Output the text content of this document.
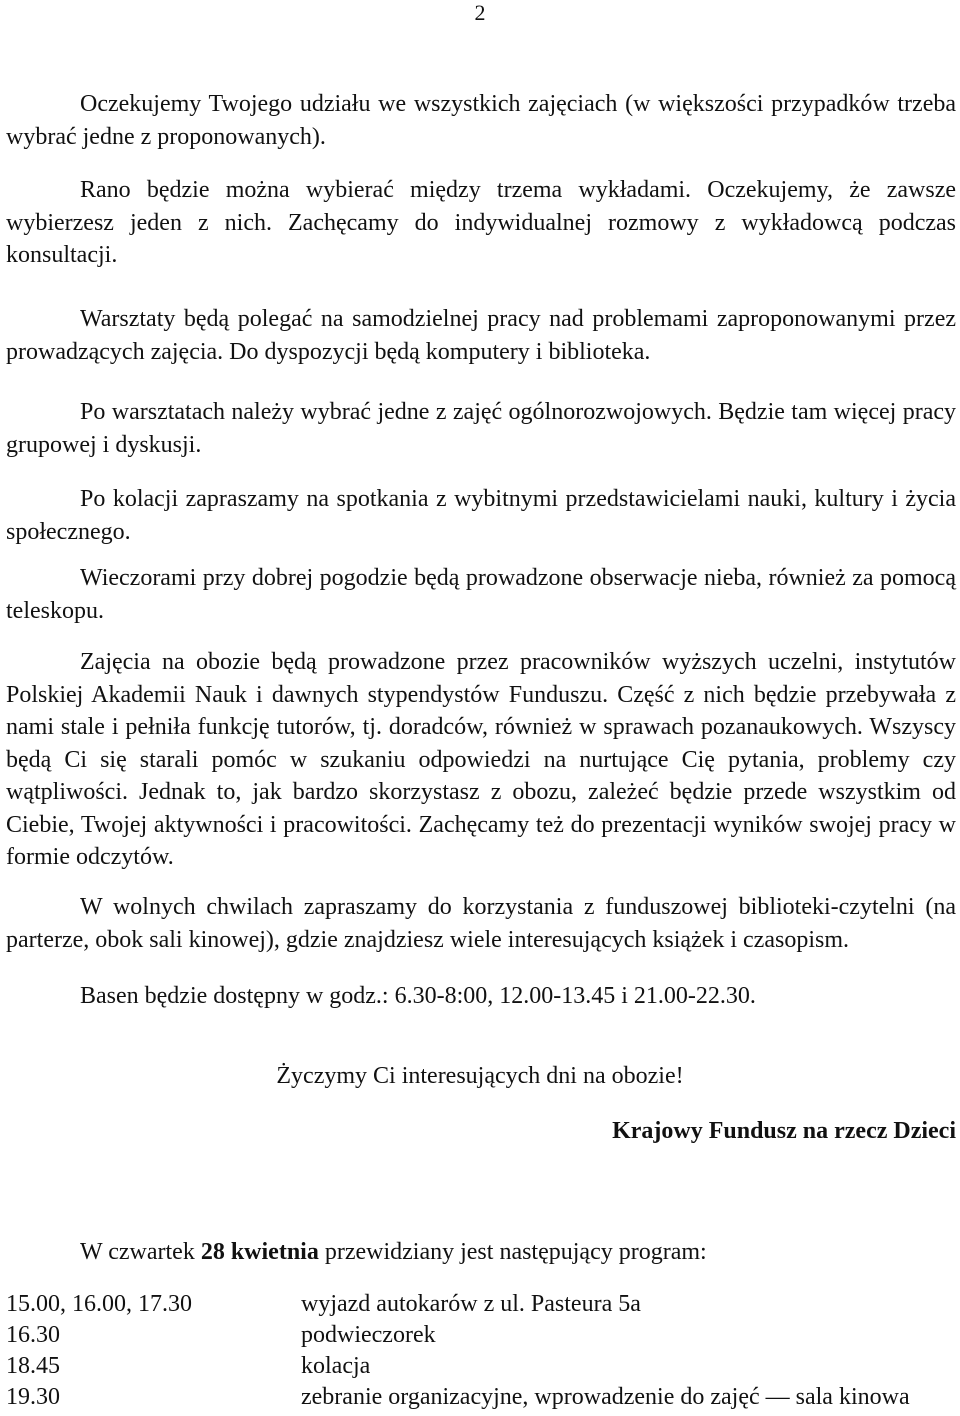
2

Oczekujemy Twojego udziału we wszystkich zajęciach (w większości przypadków trzeba wybrać jedne z proponowanych).

Rano będzie można wybierać między trzema wykładami. Oczekujemy, że zawsze wybierzesz jeden z nich. Zachęcamy do indywidualnej rozmowy z wykładowcą podczas konsultacji.

Warsztaty będą polegać na samodzielnej pracy nad problemami zaproponowanymi przez prowadzących zajęcia. Do dyspozycji będą komputery i biblioteka.

Po warsztatach należy wybrać jedne z zajęć ogólnorozwojowych. Będzie tam więcej pracy grupowej i dyskusji.

Po kolacji zapraszamy na spotkania z wybitnymi przedstawicielami nauki, kultury i życia społecznego.

Wieczorami przy dobrej pogodzie będą prowadzone obserwacje nieba, również za pomocą teleskopu.

Zajęcia na obozie będą prowadzone przez pracowników wyższych uczelni, instytutów Polskiej Akademii Nauk i dawnych stypendystów Funduszu. Część z nich będzie przebywała z nami stale i pełniła funkcję tutorów, tj. doradców, również w sprawach pozanaukowych. Wszyscy będą Ci się starali pomóc w szukaniu odpowiedzi na nurtujące Cię pytania, problemy czy wątpliwości. Jednak to, jak bardzo skorzystasz z obozu, zależeć będzie przede wszystkim od Ciebie, Twojej aktywności i pracowitości. Zachęcamy też do prezentacji wyników swojej pracy w formie odczytów.

W wolnych chwilach zapraszamy do korzystania z funduszowej biblioteki-czytelni (na parterze, obok sali kinowej), gdzie znajdziesz wiele interesujących książek i czasopism.

Basen będzie dostępny w godz.: 6.30-8:00, 12.00-13.45 i 21.00-22.30.

Życzymy Ci interesujących dni na obozie!
Krajowy Fundusz na rzecz Dzieci
W czwartek 28 kwietnia przewidziany jest następujący program:
15.00, 16.00, 17.30	wyjazd autokarów z ul. Pasteura 5a
16.30	podwieczorek
18.45	kolacja
19.30	zebranie organizacyjne, wprowadzenie do zajęć — sala kinowa
